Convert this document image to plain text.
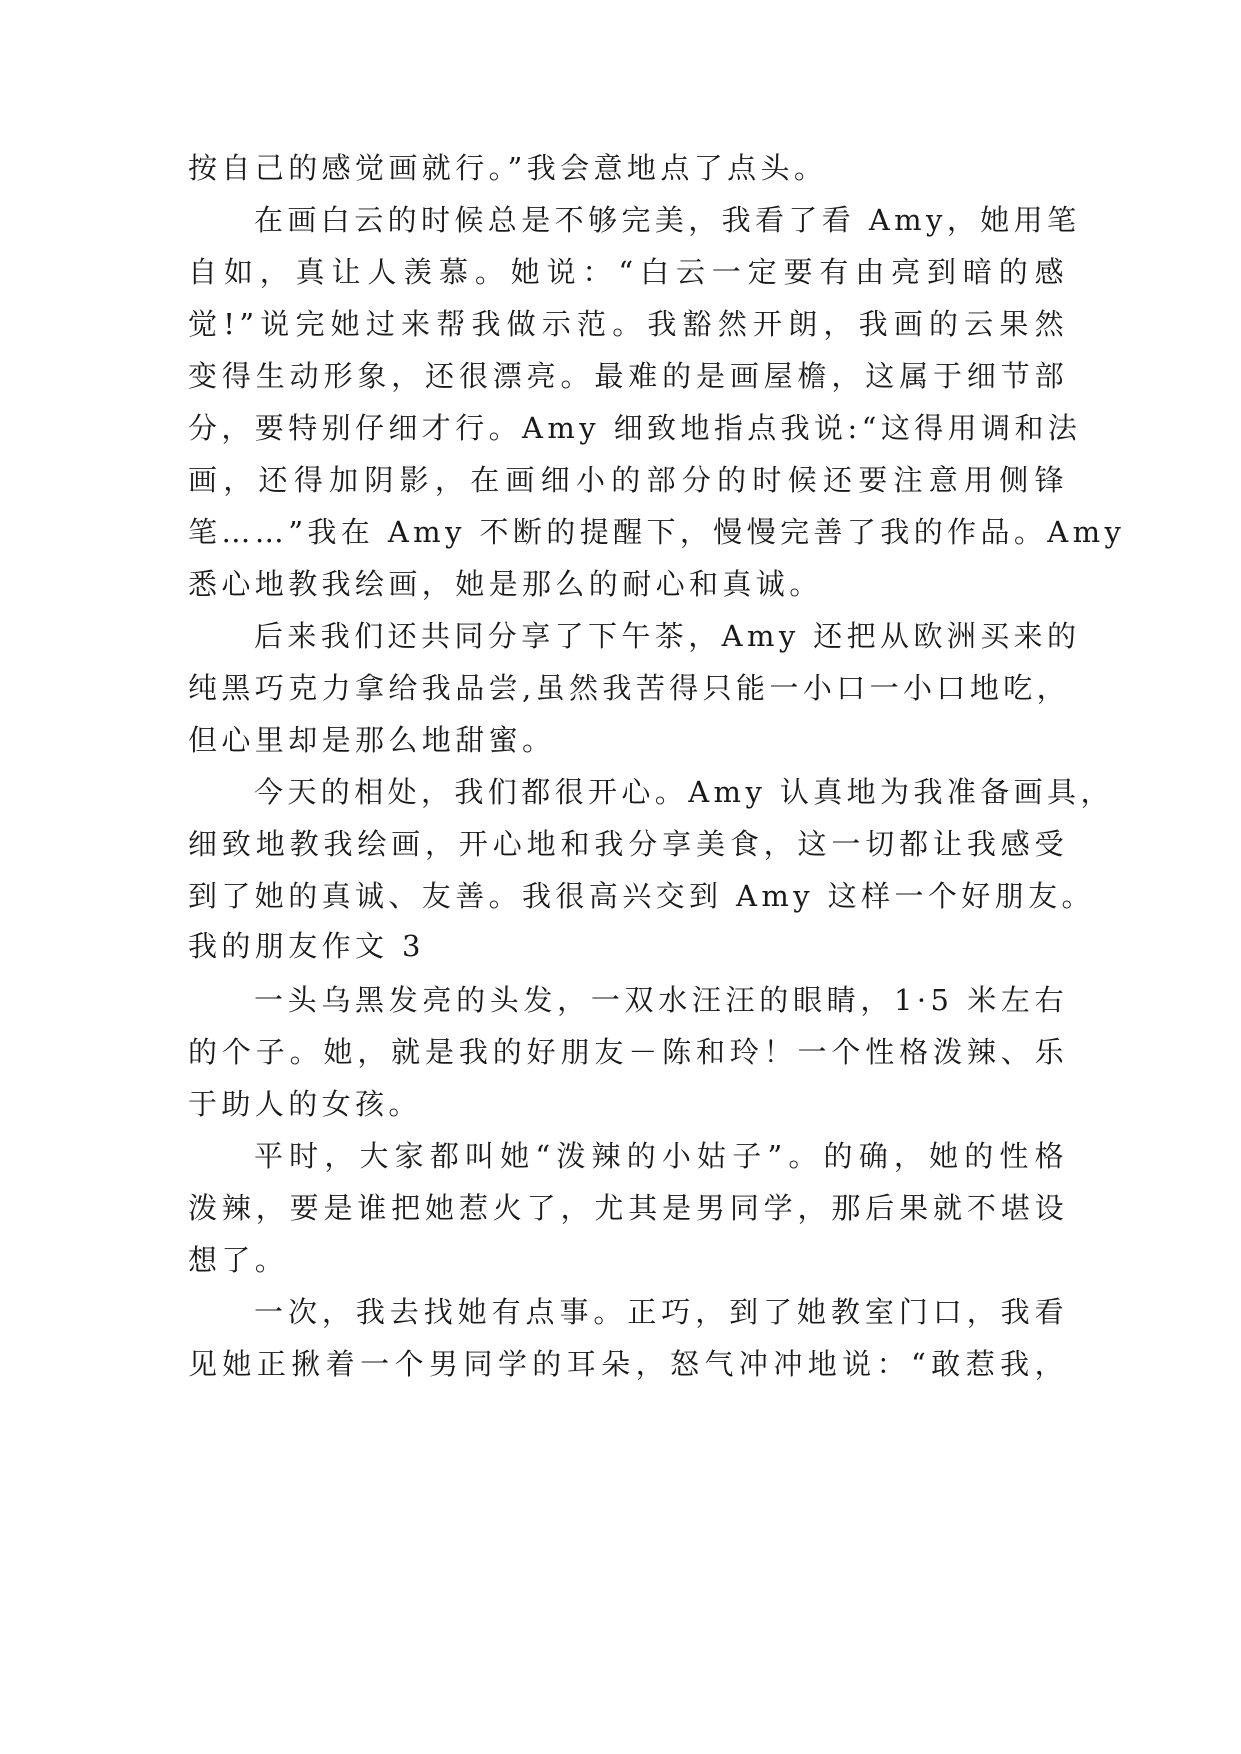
按自己的感觉画就行。”我会意地点了点头。
在画白云的时候总是不够完美，我看了看 Amy，她用笔
自如，真让人羡慕。她说：“白云一定要有由亮到暗的感
觉!”说完她过来帮我做示范。我豁然开朗，我画的云果然
变得生动形象，还很漂亮。最难的是画屋檐，这属于细节部
分，要特别仔细才行。Amy 细致地指点我说:“这得用调和法
画，还得加阴影，在画细小的部分的时候还要注意用侧锋
笔……”我在 Amy 不断的提醒下，慢慢完善了我的作品。Amy
悉心地教我绘画，她是那么的耐心和真诚。
后来我们还共同分享了下午茶，Amy 还把从欧洲买来的
纯黑巧克力拿给我品尝,虽然我苦得只能一小口一小口地吃，
但心里却是那么地甜蜜。
今天的相处，我们都很开心。Amy 认真地为我准备画具，
细致地教我绘画，开心地和我分享美食，这一切都让我感受
到了她的真诚、友善。我很高兴交到 Amy 这样一个好朋友。
我的朋友作文 3
一头乌黑发亮的头发，一双水汪汪的眼睛，1·5 米左右
的个子。她，就是我的好朋友－陈和玲！一个性格泼辣、乐
于助人的女孩。
平时，大家都叫她“泼辣的小姑子”。的确，她的性格
泼辣，要是谁把她惹火了，尤其是男同学，那后果就不堪设
想了。
一次，我去找她有点事。正巧，到了她教室门口，我看
见她正揪着一个男同学的耳朵，怒气冲冲地说：“敢惹我，
